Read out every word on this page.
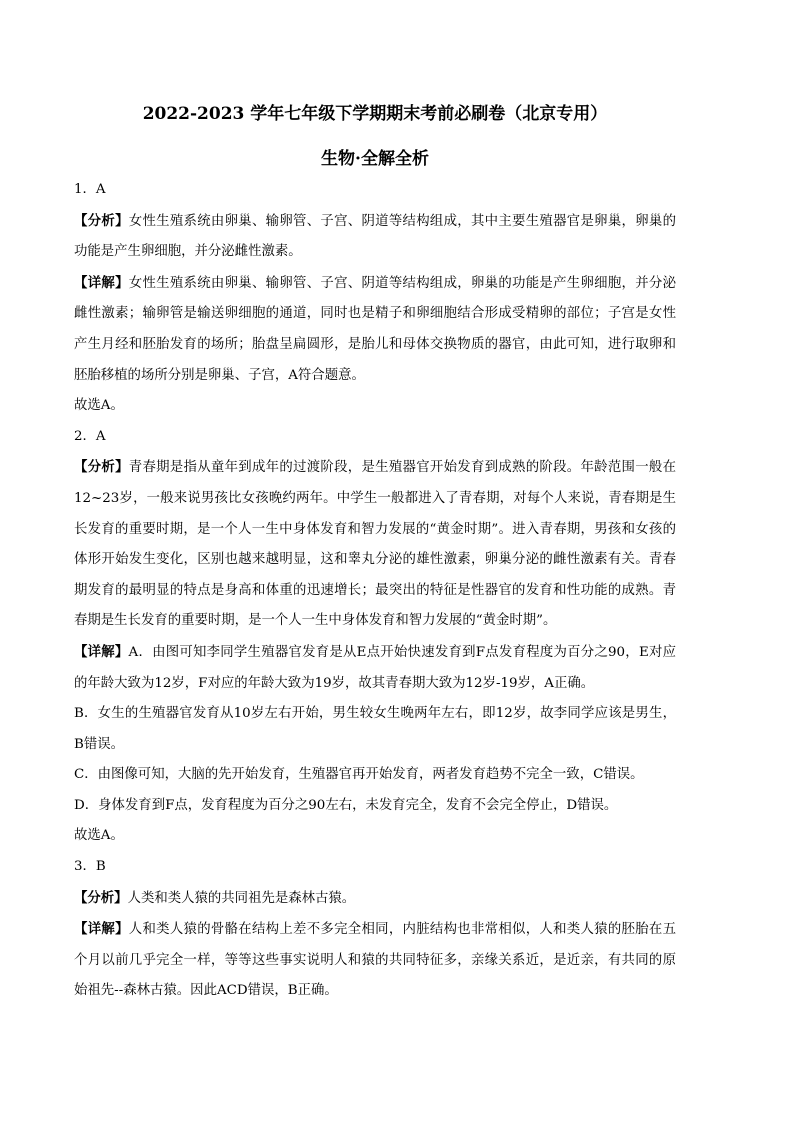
2022-2023 学年七年级下学期期末考前必刷卷（北京专用）
生物·全解全析

1．A

【分析】女性生殖系统由卵巢、输卵管、子宫、阴道等结构组成，其中主要生殖器官是卵巢，卵巢的功能是产生卵细胞，并分泌雌性激素。

【详解】女性生殖系统由卵巢、输卵管、子宫、阴道等结构组成，卵巢的功能是产生卵细胞，并分泌雌性激素；输卵管是输送卵细胞的通道，同时也是精子和卵细胞结合形成受精卵的部位；子宫是女性产生月经和胚胎发育的场所；胎盘呈扁圆形，是胎儿和母体交换物质的器官，由此可知，进行取卵和胚胎移植的场所分别是卵巢、子宫，A符合题意。

故选A。

2．A

【分析】青春期是指从童年到成年的过渡阶段，是生殖器官开始发育到成熟的阶段。年龄范围一般在12~23岁，一般来说男孩比女孩晚约两年。中学生一般都进入了青春期，对每个人来说，青春期是生长发育的重要时期，是一个人一生中身体发育和智力发展的“黄金时期”。进入青春期，男孩和女孩的体形开始发生变化，区别也越来越明显，这和睾丸分泌的雄性激素，卵巢分泌的雌性激素有关。青春期发育的最明显的特点是身高和体重的迅速增长；最突出的特征是性器官的发育和性功能的成熟。青春期是生长发育的重要时期，是一个人一生中身体发育和智力发展的“黄金时期”。

【详解】A．由图可知李同学生殖器官发育是从E点开始快速发育到F点发育程度为百分之90，E对应的年龄大致为12岁，F对应的年龄大致为19岁，故其青春期大致为12岁-19岁，A正确。

B．女生的生殖器官发育从10岁左右开始，男生较女生晚两年左右，即12岁，故李同学应该是男生，B错误。

C．由图像可知，大脑的先开始发育，生殖器官再开始发育，两者发育趋势不完全一致，C错误。

D．身体发育到F点，发育程度为百分之90左右，未发育完全，发育不会完全停止，D错误。

故选A。

3．B

【分析】人类和类人猿的共同祖先是森林古猿。

【详解】人和类人猿的骨骼在结构上差不多完全相同，内脏结构也非常相似，人和类人猿的胚胎在五个月以前几乎完全一样，等等这些事实说明人和猿的共同特征多，亲缘关系近，是近亲，有共同的原始祖先--森林古猿。因此ACD错误，B正确。
